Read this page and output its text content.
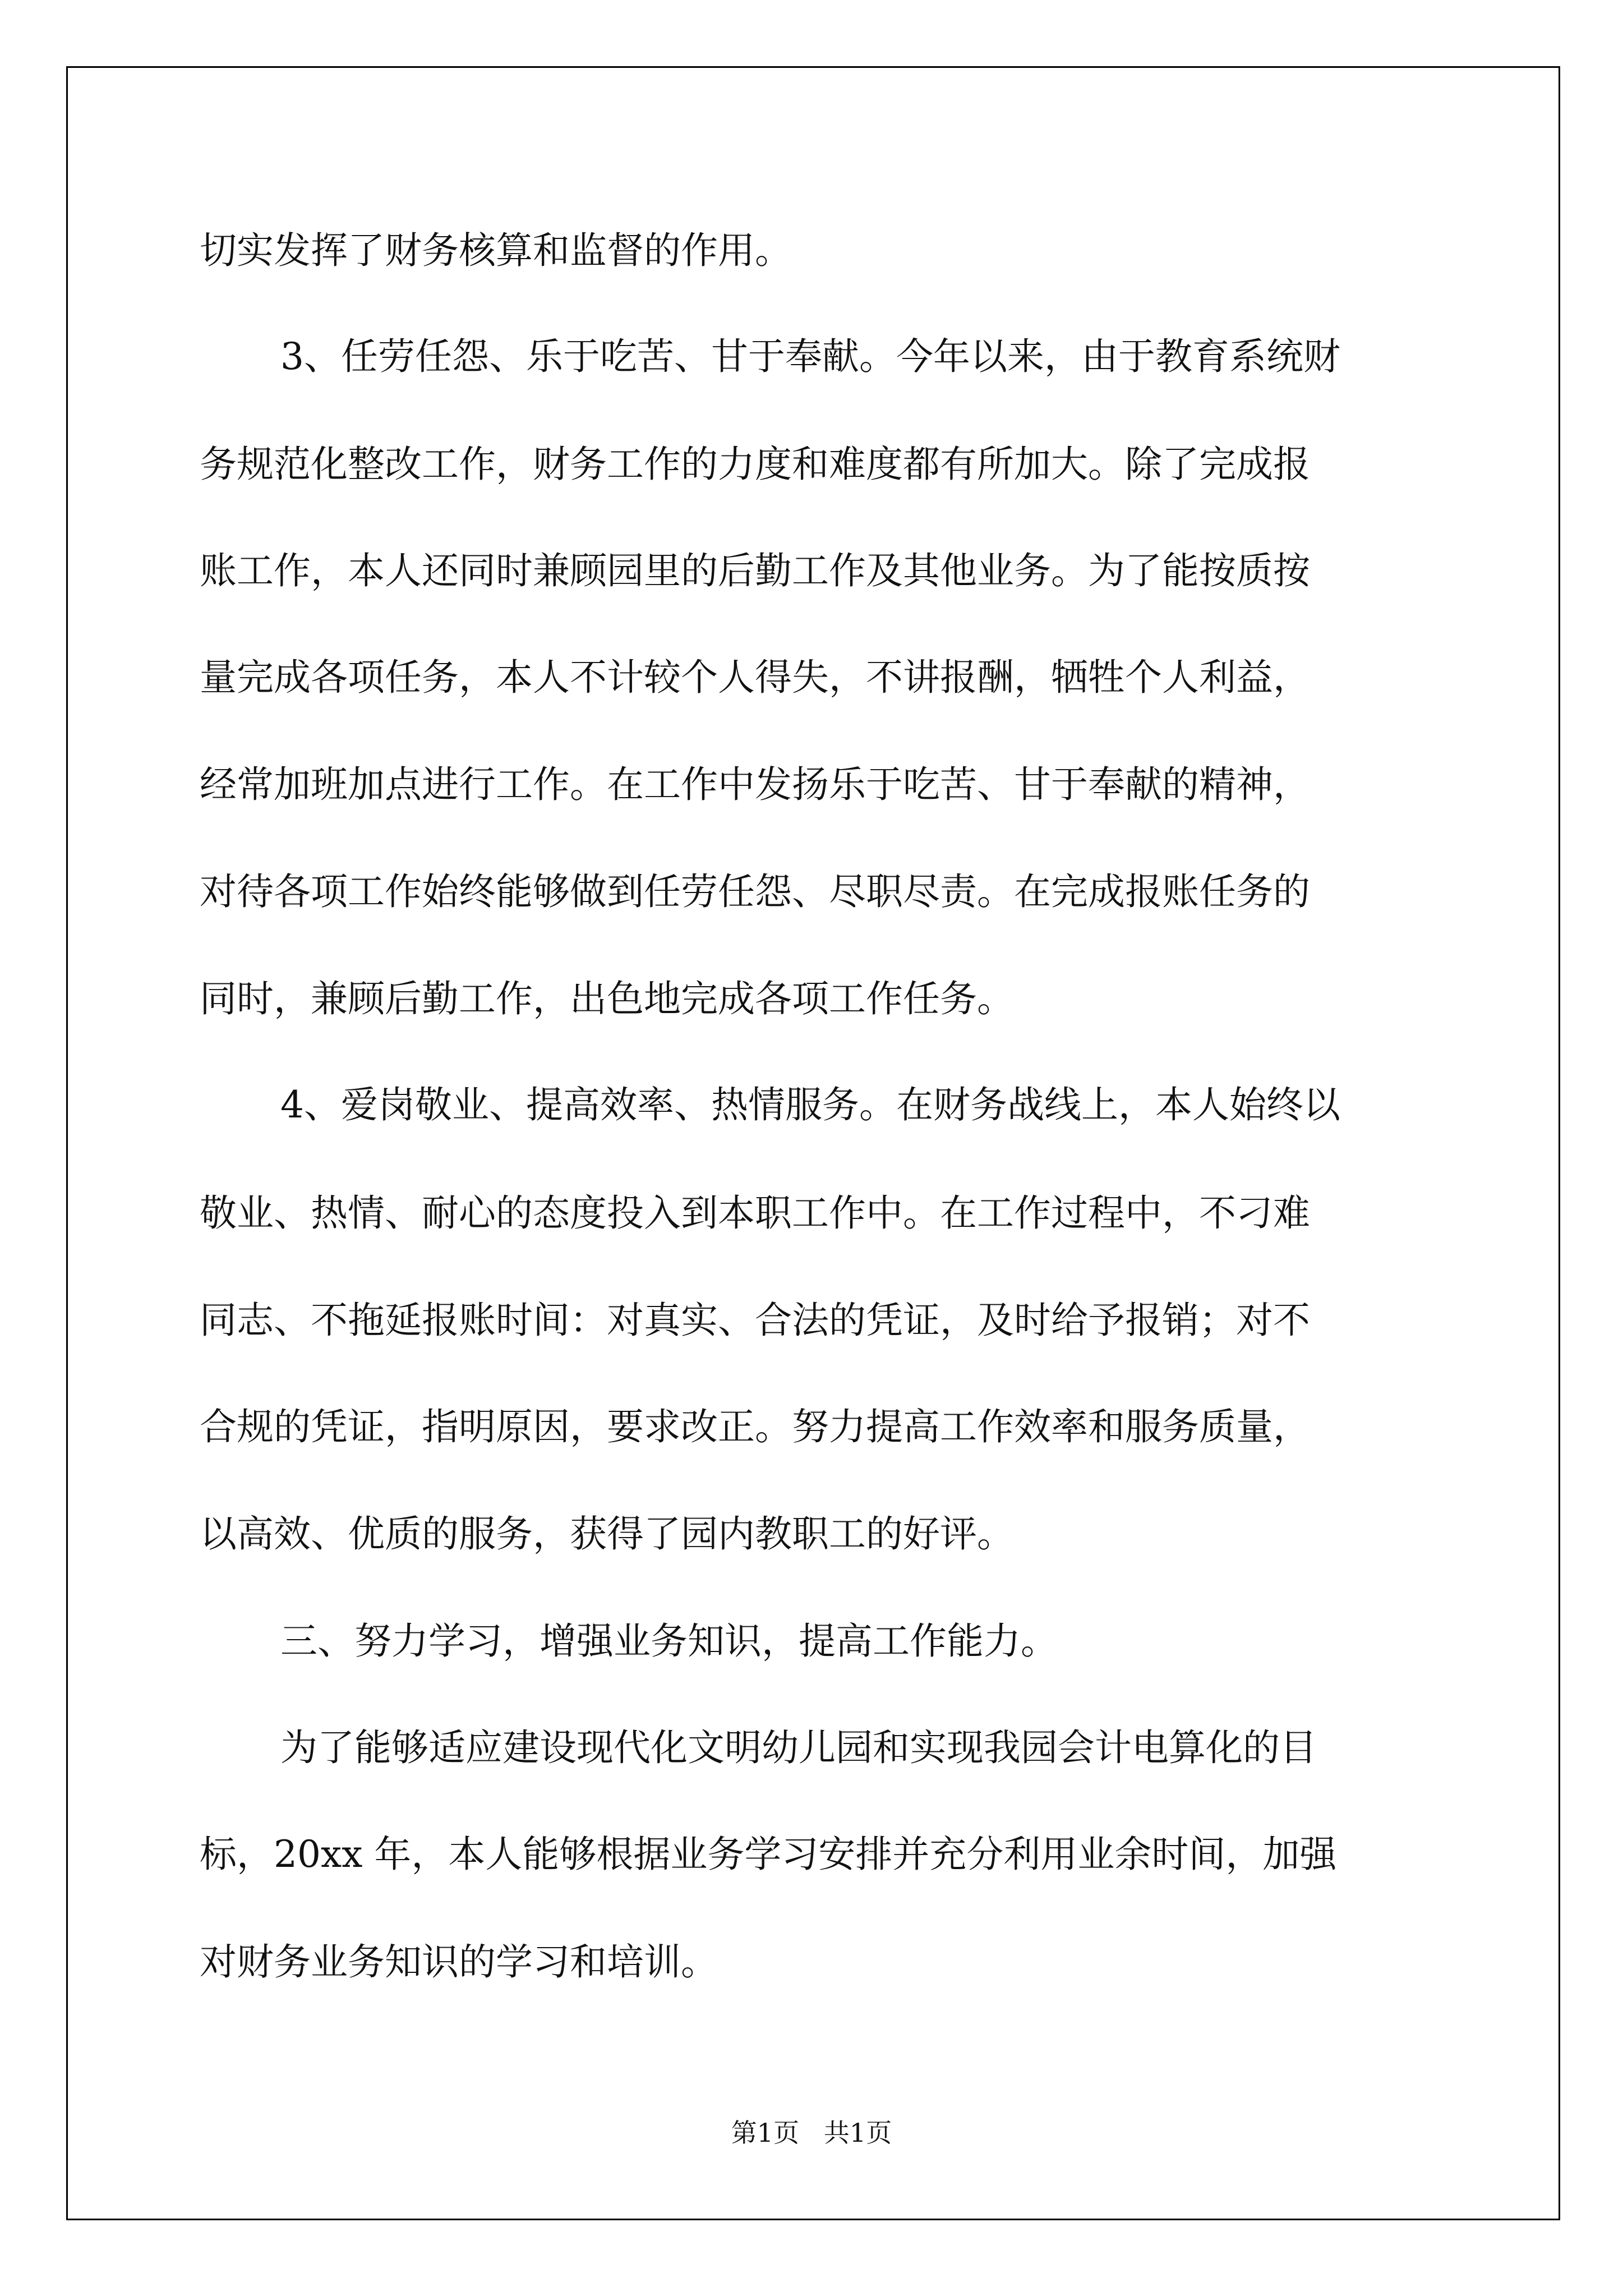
切实发挥了财务核算和监督的作用。
3、任劳任怨、乐于吃苦、甘于奉献。今年以来，由于教育系统财
务规范化整改工作，财务工作的力度和难度都有所加大。除了完成报
账工作，本人还同时兼顾园里的后勤工作及其他业务。为了能按质按
量完成各项任务，本人不计较个人得失，不讲报酬，牺牲个人利益，
经常加班加点进行工作。在工作中发扬乐于吃苦、甘于奉献的精神，
对待各项工作始终能够做到任劳任怨、尽职尽责。在完成报账任务的
同时，兼顾后勤工作，出色地完成各项工作任务。
4、爱岗敬业、提高效率、热情服务。在财务战线上，本人始终以
敬业、热情、耐心的态度投入到本职工作中。在工作过程中，不刁难
同志、不拖延报账时间：对真实、合法的凭证，及时给予报销；对不
合规的凭证，指明原因，要求改正。努力提高工作效率和服务质量，
以高效、优质的服务，获得了园内教职工的好评。
三、努力学习，增强业务知识，提高工作能力。
为了能够适应建设现代化文明幼儿园和实现我园会计电算化的目
标，20xx 年，本人能够根据业务学习安排并充分利用业余时间，加强
对财务业务知识的学习和培训。
第1页   共1页
